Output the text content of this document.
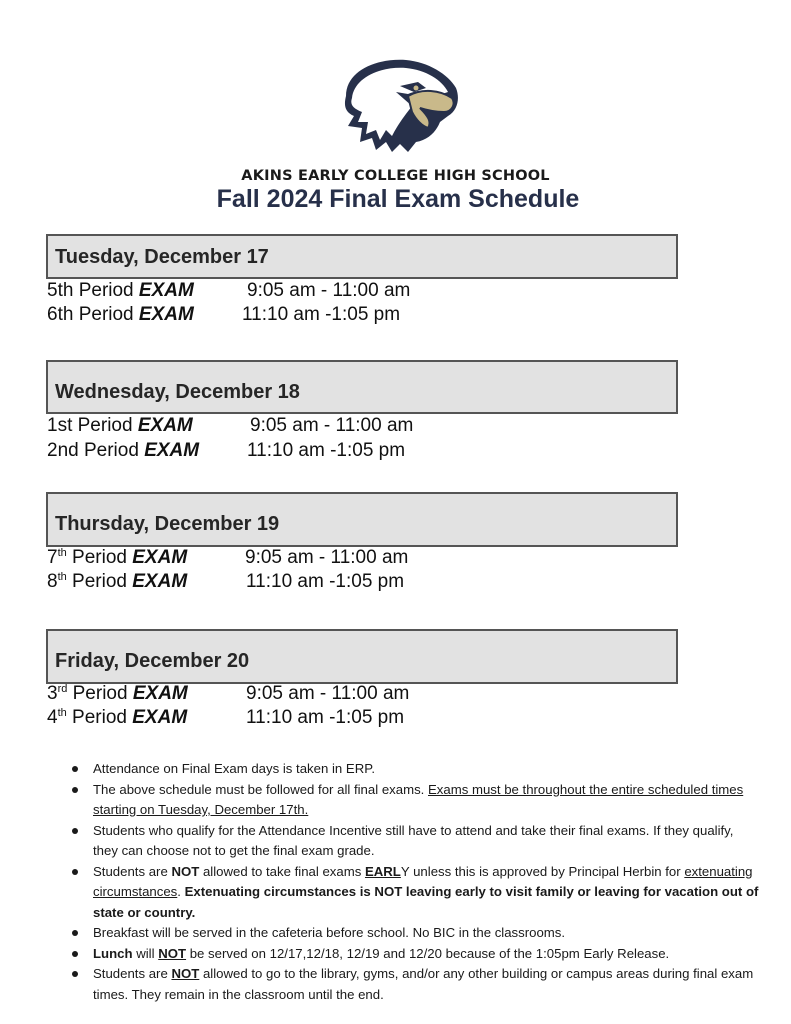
AKINS EARLY COLLEGE HIGH SCHOOL
Fall 2024 Final Exam Schedule
Tuesday, December 17
5th Period EXAM	9:05 am - 11:00 am
6th Period EXAM	11:10 am -1:05 pm
Wednesday, December 18
1st Period EXAM	9:05 am - 11:00 am
2nd Period EXAM	11:10 am -1:05 pm
Thursday, December 19
7th Period EXAM	9:05 am - 11:00 am
8th Period EXAM	11:10 am -1:05 pm
Friday, December 20
3rd Period EXAM	9:05 am - 11:00 am
4th Period EXAM	11:10 am -1:05 pm
Attendance on Final Exam days is taken in ERP.
The above schedule must be followed for all final exams. Exams must be throughout the entire scheduled times starting on Tuesday, December 17th.
Students who qualify for the Attendance Incentive still have to attend and take their final exams. If they qualify, they can choose not to get the final exam grade.
Students are NOT allowed to take final exams EARLY unless this is approved by Principal Herbin for extenuating circumstances. Extenuating circumstances is NOT leaving early to visit family or leaving for vacation out of state or country.
Breakfast will be served in the cafeteria before school. No BIC in the classrooms.
Lunch will NOT be served on 12/17,12/18, 12/19 and 12/20 because of the 1:05pm Early Release.
Students are NOT allowed to go to the library, gyms, and/or any other building or campus areas during final exam times. They remain in the classroom until the end.
